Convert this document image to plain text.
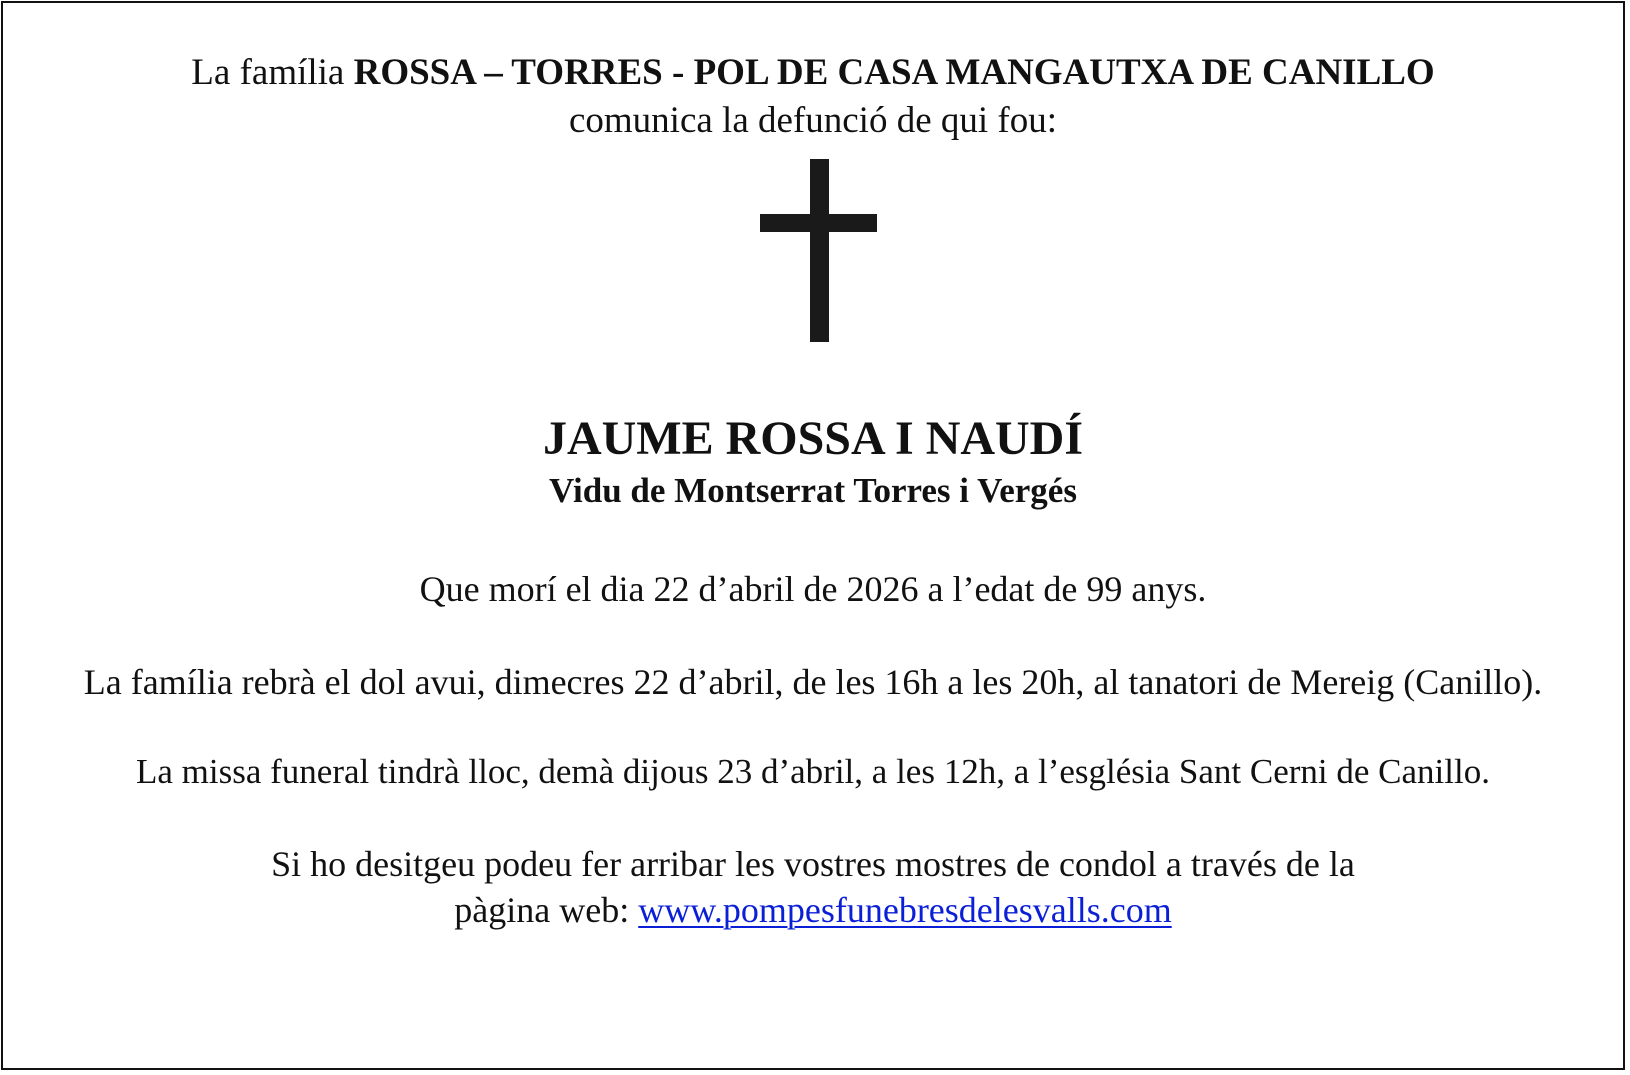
La família ROSSA – TORRES - POL DE CASA MANGAUTXA DE CANILLO
comunica la defunció de qui fou:
JAUME ROSSA I NAUDÍ
Vidu de Montserrat Torres i Vergés
Que morí el dia 22 d’abril de 2026 a l’edat de 99 anys.
La família rebrà el dol avui, dimecres 22 d’abril, de les 16h a les 20h, al tanatori de Mereig (Canillo).
La missa funeral tindrà lloc, demà dijous 23 d’abril, a les 12h, a l’església Sant Cerni de Canillo.
Si ho desitgeu podeu fer arribar les vostres mostres de condol a través de la
pàgina web: www.pompesfunebresdelesvalls.com
